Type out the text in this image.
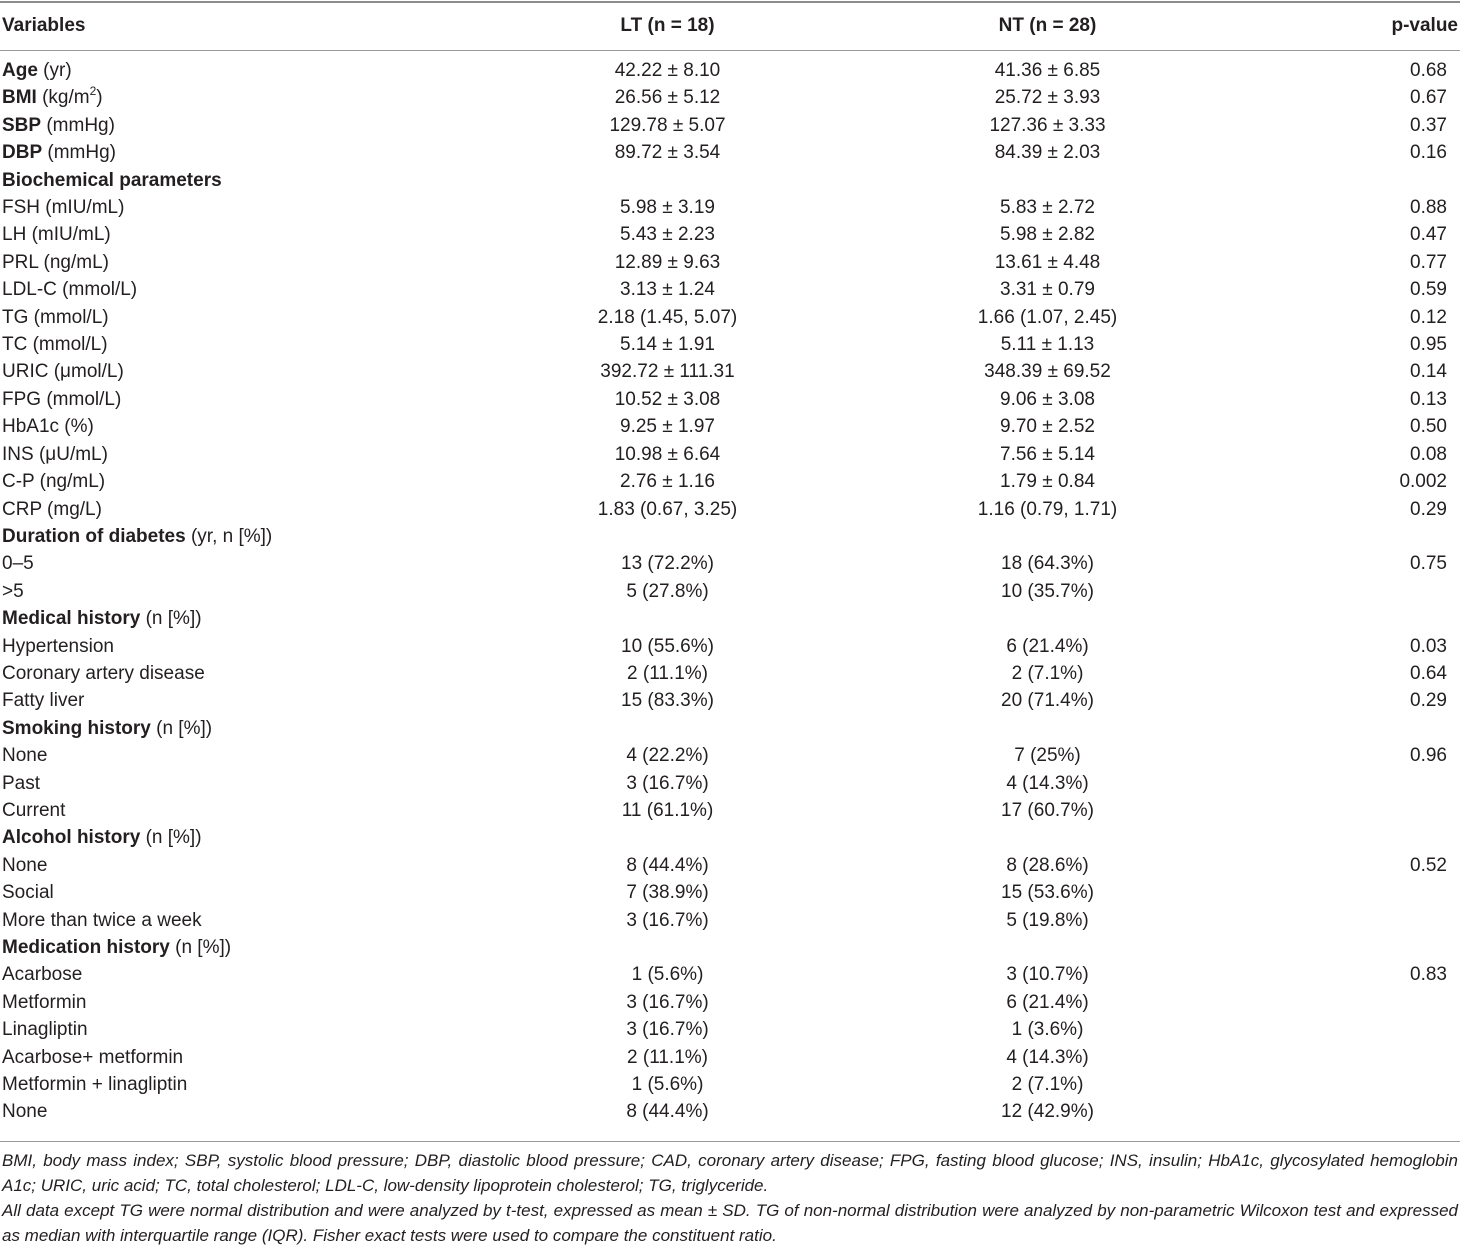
Variables	LT (n = 18)	NT (n = 28)	p-value
Age (yr)	42.22 ± 8.10	41.36 ± 6.85	0.68
BMI $(kg/m^2)$	26.56 ± 5.12	25.72 ± 3.93	0.67
SBP (mmHg)	129.78 ± 5.07	127.36 ± 3.33	0.37
DBP (mmHg)	89.72 ± 3.54	84.39 ± 2.03	0.16
Biochemical parameters			
FSH (mIU/mL)	5.98 ± 3.19	5.83 ± 2.72	0.88
LH (mIU/mL)	5.43 ± 2.23	5.98 ± 2.82	0.47
PRL (ng/mL)	12.89 ± 9.63	13.61 ± 4.48	0.77
LDL-C (mmol/L)	3.13 ± 1.24	3.31 ± 0.79	0.59
TG (mmol/L)	2.18 (1.45, 5.07)	1.66 (1.07, 2.45)	0.12
TC (mmol/L)	5.14 ± 1.91	5.11 ± 1.13	0.95
URIC (μmol/L)	392.72 ± 111.31	348.39 ± 69.52	0.14
FPG (mmol/L)	10.52 ± 3.08	9.06 ± 3.08	0.13
HbA1c (%)	9.25 ± 1.97	9.70 ± 2.52	0.50
INS (μU/mL)	10.98 ± 6.64	7.56 ± 5.14	0.08
C-P (ng/mL)	2.76 ± 1.16	1.79 ± 0.84	0.002
CRP (mg/L)	1.83 (0.67, 3.25)	1.16 (0.79, 1.71)	0.29
Duration of diabetes (yr, n [%])			
0–5	13 (72.2%)	18 (64.3%)	0.75
>5	5 (27.8%)	10 (35.7%)	
Medical history (n [%])			
Hypertension	10 (55.6%)	6 (21.4%)	0.03
Coronary artery disease	2 (11.1%)	2 (7.1%)	0.64
Fatty liver	15 (83.3%)	20 (71.4%)	0.29
Smoking history (n [%])			
None	4 (22.2%)	7 (25%)	0.96
Past	3 (16.7%)	4 (14.3%)	
Current	11 (61.1%)	17 (60.7%)	
Alcohol history (n [%])			
None	8 (44.4%)	8 (28.6%)	0.52
Social	7 (38.9%)	15 (53.6%)	
More than twice a week	3 (16.7%)	5 (19.8%)	
Medication history (n [%])			
Acarbose	1 (5.6%)	3 (10.7%)	0.83
Metformin	3 (16.7%)	6 (21.4%)	
Linagliptin	3 (16.7%)	1 (3.6%)	
Acarbose+ metformin	2 (11.1%)	4 (14.3%)	
Metformin + linagliptin	1 (5.6%)	2 (7.1%)	
None	8 (44.4%)	12 (42.9%)	

BMI, body mass index; SBP, systolic blood pressure; DBP, diastolic blood pressure; CAD, coronary artery disease; FPG, fasting blood glucose; INS, insulin; HbA1c, glycosylated hemoglobin A1c; URIC, uric acid; TC, total cholesterol; LDL-C, low-density lipoprotein cholesterol; TG, triglyceride.

All data except TG were normal distribution and were analyzed by t-test, expressed as mean ± SD. TG of non-normal distribution were analyzed by non-parametric Wilcoxon test and expressed as median with interquartile range (IQR). Fisher exact tests were used to compare the constituent ratio.
